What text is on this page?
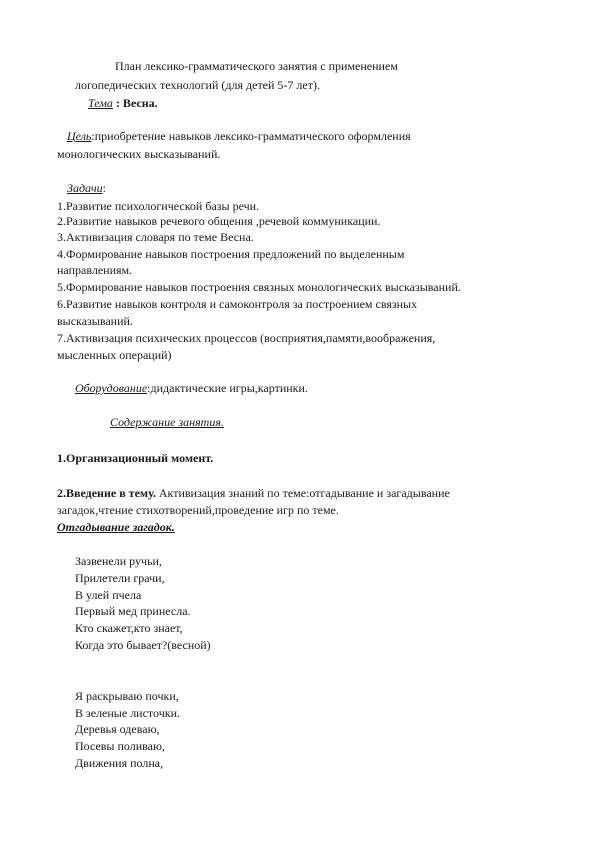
План лексико-грамматического занятия с применением

логопедических технологий (для детей 5-7 лет).

Тема : Весна.

Цель:приобретение навыков лексико-грамматического оформления

монологических высказываний.

Задачи:

1.Развитие психологической базы речи.

2.Развитие навыков речевого общения ,речевой коммуникации.

3.Активизация словаря по теме Весна.

4.Формирование навыков построения предложений по выделенным

направлениям.

5.Формирование навыков построения связных монологических высказываний.

6.Развитие навыков контроля и самоконтроля за построением связных

высказываний.

7.Активизация психических процессов (восприятия,памяти,воображения,

мысленных операций)

Оборудование:дидактические игры,картинки.

Содержание занятия.

1.Организационный момент.

2.Введение в тему. Активизация знаний по теме:отгадывание и загадывание

загадок,чтение стихотворений,проведение игр по теме.

Отгадывание загадок.

Зазвенели ручьи,

Прилетели грачи,

В улей пчела

Первый мед принесла.

Кто скажет,кто знает,

Когда это бывает?(весной)

Я раскрываю почки,

В зеленые листочки.

Деревья одеваю,

Посевы поливаю,

Движения полна,
